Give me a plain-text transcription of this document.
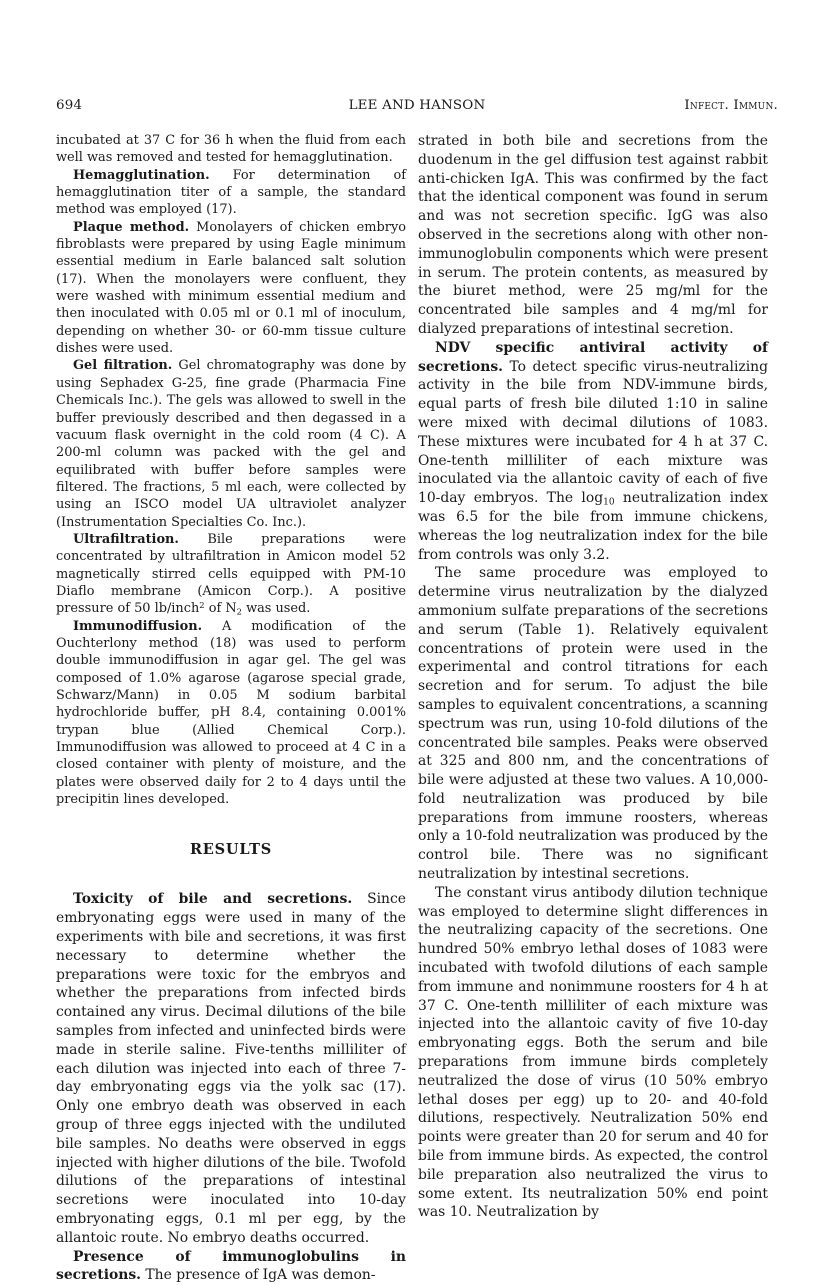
694	LEE AND HANSON	Infect. Immun.

incubated at 37 C for 36 h when the fluid from each well was removed and tested for hemagglutination.

Hemagglutination. For determination of hemagglutination titer of a sample, the standard method was employed (17).

Plaque method. Monolayers of chicken embryo fibroblasts were prepared by using Eagle minimum essential medium in Earle balanced salt solution (17). When the monolayers were confluent, they were washed with minimum essential medium and then inoculated with 0.05 ml or 0.1 ml of inoculum, depending on whether 30- or 60-mm tissue culture dishes were used.

Gel filtration. Gel chromatography was done by using Sephadex G-25, fine grade (Pharmacia Fine Chemicals Inc.). The gels was allowed to swell in the buffer previously described and then degassed in a vacuum flask overnight in the cold room (4 C). A 200-ml column was packed with the gel and equilibrated with buffer before samples were filtered. The fractions, 5 ml each, were collected by using an ISCO model UA ultraviolet analyzer (Instrumentation Specialties Co. Inc.).

Ultrafiltration. Bile preparations were concentrated by ultrafiltration in Amicon model 52 magnetically stirred cells equipped with PM-10 Diaflo membrane (Amicon Corp.). A positive pressure of 50 lb/inch$^2$ of $N_2$ was used.

Immunodiffusion. A modification of the Ouchterlony method (18) was used to perform double immunodiffusion in agar gel. The gel was composed of 1.0% agarose (agarose special grade, Schwarz/Mann) in 0.05 M sodium barbital hydrochloride buffer, pH 8.4, containing 0.001% trypan blue (Allied Chemical Corp.). Immunodiffusion was allowed to proceed at 4 C in a closed container with plenty of moisture, and the plates were observed daily for 2 to 4 days until the precipitin lines developed.

RESULTS

Toxicity of bile and secretions. Since embryonating eggs were used in many of the experiments with bile and secretions, it was first necessary to determine whether the preparations were toxic for the embryos and whether the preparations from infected birds contained any virus. Decimal dilutions of the bile samples from infected and uninfected birds were made in sterile saline. Five-tenths milliliter of each dilution was injected into each of three 7-day embryonating eggs via the yolk sac (17). Only one embryo death was observed in each group of three eggs injected with the undiluted bile samples. No deaths were observed in eggs injected with higher dilutions of the bile. Twofold dilutions of the preparations of intestinal secretions were inoculated into 10-day embryonating eggs, 0.1 ml per egg, by the allantoic route. No embryo deaths occurred.

Presence of immunoglobulins in secretions. The presence of IgA was demon-

strated in both bile and secretions from the duodenum in the gel diffusion test against rabbit anti-chicken IgA. This was confirmed by the fact that the identical component was found in serum and was not secretion specific. IgG was also observed in the secretions along with other non-immunoglobulin components which were present in serum. The protein contents, as measured by the biuret method, were 25 mg/ml for the concentrated bile samples and 4 mg/ml for dialyzed preparations of intestinal secretion.

NDV specific antiviral activity of secretions. To detect specific virus-neutralizing activity in the bile from NDV-immune birds, equal parts of fresh bile diluted 1:10 in saline were mixed with decimal dilutions of 1083. These mixtures were incubated for 4 h at 37 C. One-tenth milliliter of each mixture was inoculated via the allantoic cavity of each of five 10-day embryos. The $\log_{10}$ neutralization index was 6.5 for the bile from immune chickens, whereas the log neutralization index for the bile from controls was only 3.2.

The same procedure was employed to determine virus neutralization by the dialyzed ammonium sulfate preparations of the secretions and serum (Table 1). Relatively equivalent concentrations of protein were used in the experimental and control titrations for each secretion and for serum. To adjust the bile samples to equivalent concentrations, a scanning spectrum was run, using 10-fold dilutions of the concentrated bile samples. Peaks were observed at 325 and 800 nm, and the concentrations of bile were adjusted at these two values. A 10,000-fold neutralization was produced by bile preparations from immune roosters, whereas only a 10-fold neutralization was produced by the control bile. There was no significant neutralization by intestinal secretions.

The constant virus antibody dilution technique was employed to determine slight differences in the neutralizing capacity of the secretions. One hundred 50% embryo lethal doses of 1083 were incubated with twofold dilutions of each sample from immune and nonimmune roosters for 4 h at 37 C. One-tenth milliliter of each mixture was injected into the allantoic cavity of five 10-day embryonating eggs. Both the serum and bile preparations from immune birds completely neutralized the dose of virus (10 50% embryo lethal doses per egg) up to 20- and 40-fold dilutions, respectively. Neutralization 50% end points were greater than 20 for serum and 40 for bile from immune birds. As expected, the control bile preparation also neutralized the virus to some extent. Its neutralization 50% end point was 10. Neutralization by
